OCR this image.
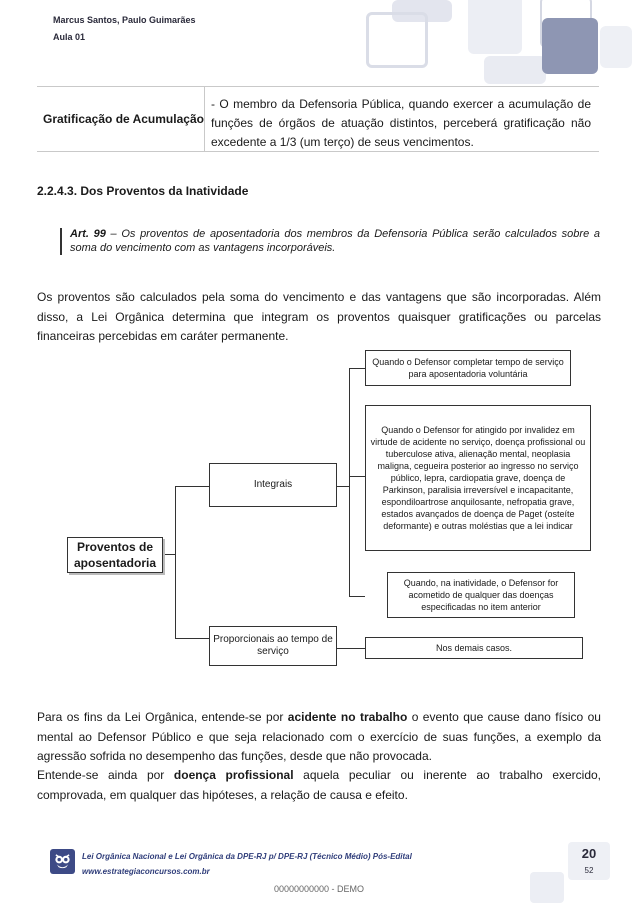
Marcus Santos, Paulo Guimarães
Aula 01
Gratificação de Acumulação
- O membro da Defensoria Pública, quando exercer a acumulação de funções de órgãos de atuação distintos, perceberá gratificação não excedente a 1/3 (um terço) de seus vencimentos.
2.2.4.3. Dos Proventos da Inatividade
Art. 99 – Os proventos de aposentadoria dos membros da Defensoria Pública serão calculados sobre a soma do vencimento com as vantagens incorporáveis.
Os proventos são calculados pela soma do vencimento e das vantagens que são incorporadas. Além disso, a Lei Orgânica determina que integram os proventos quaisquer gratificações ou parcelas financeiras percebidas em caráter permanente.
Proventos de aposentadoria
Integrais
Proporcionais ao tempo de serviço
Quando o Defensor completar tempo de serviço para aposentadoria voluntária
Quando o Defensor for atingido por invalidez em virtude de acidente no serviço, doença profissional ou tuberculose ativa, alienação mental, neoplasia maligna, cegueira posterior ao ingresso no serviço público, lepra, cardiopatia grave, doença de Parkinson, paralisia irreversível e incapacitante, espondiloartrose anquilosante, nefropatia grave, estados avançados de doença de Paget (osteíte deformante) e outras moléstias que a lei indicar
Quando, na inatividade, o Defensor for acometido de qualquer das doenças especificadas no item anterior
Nos demais casos.
Para os fins da Lei Orgânica, entende-se por acidente no trabalho o evento que cause dano físico ou mental ao Defensor Público e que seja relacionado com o exercício de suas funções, a exemplo da agressão sofrida no desempenho das funções, desde que não provocada.
Entende-se ainda por doença profissional aquela peculiar ou inerente ao trabalho exercido, comprovada, em qualquer das hipóteses, a relação de causa e efeito.
Lei Orgânica Nacional e Lei Orgânica da DPE-RJ p/ DPE-RJ (Técnico Médio) Pós-Edital
www.estrategiaconcursos.com.br
20
52
00000000000 - DEMO
